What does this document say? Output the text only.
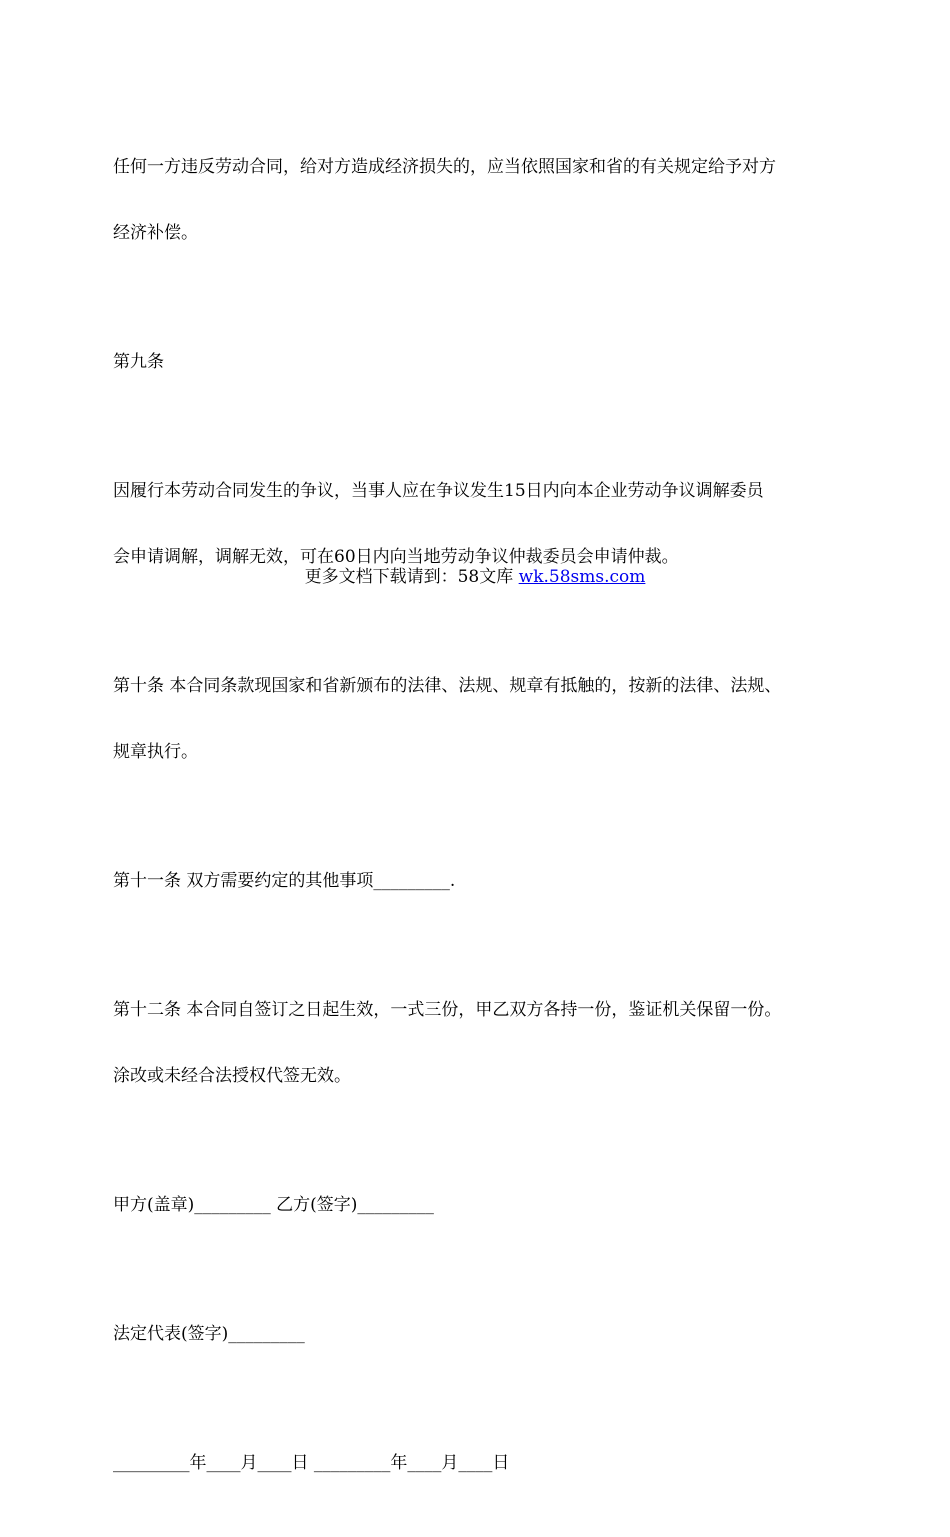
任何一方违反劳动合同，给对方造成经济损失的，应当依照国家和省的有关规定给予对方

经济补偿。

第九条

因履行本劳动合同发生的争议，当事人应在争议发生15日内向本企业劳动争议调解委员

会申请调解，调解无效，可在60日内向当地劳动争议仲裁委员会申请仲裁。

第十条 本合同条款现国家和省新颁布的法律、法规、规章有抵触的，按新的法律、法规、

规章执行。

第十一条 双方需要约定的其他事项_________.

第十二条 本合同自签订之日起生效，一式三份，甲乙双方各持一份，鉴证机关保留一份。

涂改或未经合法授权代签无效。

甲方(盖章)_________ 乙方(签字)_________

法定代表(签字)_________

_________年____月____日 _________年____月____日

更多文档下载请到：58文库 wk.58sms.com
